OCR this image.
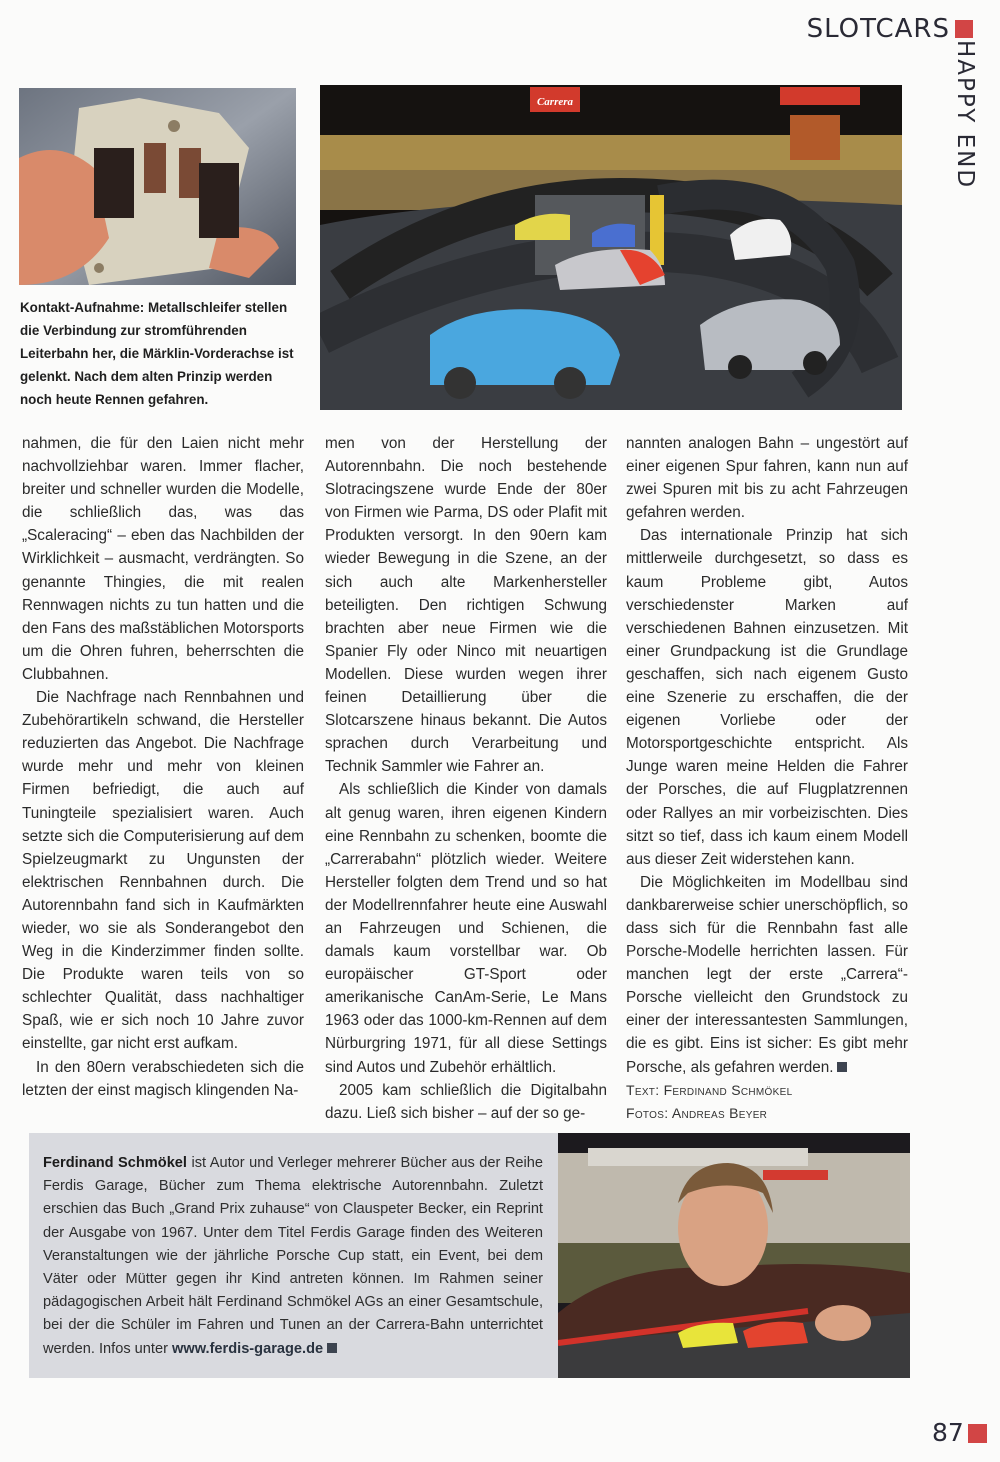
SLOTCARS
HAPPY END
Kontakt-Aufnahme: Metallschleifer stellen die Verbindung zur stromführenden Leiterbahn her, die Märklin-Vorderachse ist gelenkt. Nach dem alten Prinzip werden noch heute Rennen gefahren.
Carrera

nahmen, die für den Laien nicht mehr nachvollziehbar waren. Immer flacher, breiter und schneller wurden die Modelle, die schließlich das, was das „Scaleracing“ – eben das Nachbilden der Wirklichkeit – ausmacht, verdrängten. So genannte Thingies, die mit realen Rennwagen nichts zu tun hatten und die den Fans des maßstäblichen Motorsports um die Ohren fuhren, beherrschten die Clubbahnen.

Die Nachfrage nach Rennbahnen und Zubehörartikeln schwand, die Hersteller reduzierten das Angebot. Die Nachfrage wurde mehr und mehr von kleinen Firmen befriedigt, die auch auf Tuningteile spezialisiert waren. Auch setzte sich die Computerisierung auf dem Spielzeugmarkt zu Ungunsten der elektrischen Rennbahnen durch. Die Autorennbahn fand sich in Kaufmärkten wieder, wo sie als Sonderangebot den Weg in die Kinderzimmer finden sollte. Die Produkte waren teils von so schlechter Qualität, dass nachhaltiger Spaß, wie er sich noch 10 Jahre zuvor einstellte, gar nicht erst aufkam.

In den 80ern verabschiedeten sich die letzten der einst magisch klingenden Na-

men von der Herstellung der Autorennbahn. Die noch bestehende Slotracingszene wurde Ende der 80er von Firmen wie Parma, DS oder Plafit mit Produkten versorgt. In den 90ern kam wieder Bewegung in die Szene, an der sich auch alte Markenhersteller beteiligten. Den richtigen Schwung brachten aber neue Firmen wie die Spanier Fly oder Ninco mit neuartigen Modellen. Diese wurden wegen ihrer feinen Detaillierung über die Slotcarszene hinaus bekannt. Die Autos sprachen durch Verarbeitung und Technik Sammler wie Fahrer an.

Als schließlich die Kinder von damals alt genug waren, ihren eigenen Kindern eine Rennbahn zu schenken, boomte die „Carrerabahn“ plötzlich wieder. Weitere Hersteller folgten dem Trend und so hat der Modellrennfahrer heute eine Auswahl an Fahrzeugen und Schienen, die damals kaum vorstellbar war. Ob europäischer GT-Sport oder amerikanische CanAm-Serie, Le Mans 1963 oder das 1000-km-Rennen auf dem Nürburgring 1971, für all diese Settings sind Autos und Zubehör erhältlich.

2005 kam schließlich die Digitalbahn dazu. Ließ sich bisher – auf der so ge-

nannten analogen Bahn – ungestört auf einer eigenen Spur fahren, kann nun auf zwei Spuren mit bis zu acht Fahrzeugen gefahren werden.

Das internationale Prinzip hat sich mittlerweile durchgesetzt, so dass es kaum Probleme gibt, Autos verschiedenster Marken auf verschiedenen Bahnen einzusetzen. Mit einer Grundpackung ist die Grundlage geschaffen, sich nach eigenem Gusto eine Szenerie zu erschaffen, die der eigenen Vorliebe oder der Motorsportgeschichte entspricht. Als Junge waren meine Helden die Fahrer der Porsches, die auf Flugplatzrennen oder Rallyes an mir vorbeizischten. Dies sitzt so tief, dass ich kaum einem Modell aus dieser Zeit widerstehen kann.

Die Möglichkeiten im Modellbau sind dankbarerweise schier unerschöpflich, so dass sich für die Rennbahn fast alle Porsche-Modelle herrichten lassen. Für manchen legt der erste „Carrera“-Porsche vielleicht den Grundstock zu einer der interessantesten Sammlungen, die es gibt. Eins ist sicher: Es gibt mehr Porsche, als gefahren werden.

Text: Ferdinand Schmökel

Fotos: Andreas Beyer

Ferdinand Schmökel ist Autor und Verleger mehrerer Bücher aus der Reihe Ferdis Garage, Bücher zum Thema elektrische Autorennbahn. Zuletzt erschien das Buch „Grand Prix zuhause“ von Clauspeter Becker, ein Reprint der Ausgabe von 1967. Unter dem Titel Ferdis Garage finden des Weiteren Veranstaltungen wie der jährliche Porsche Cup statt, ein Event, bei dem Väter oder Mütter gegen ihr Kind antreten können. Im Rahmen seiner pädagogischen Arbeit hält Ferdinand Schmökel AGs an einer Gesamtschule, bei der die Schüler im Fahren und Tunen an der Carrera-Bahn unterrichtet werden. Infos unter www.ferdis-garage.de
87
